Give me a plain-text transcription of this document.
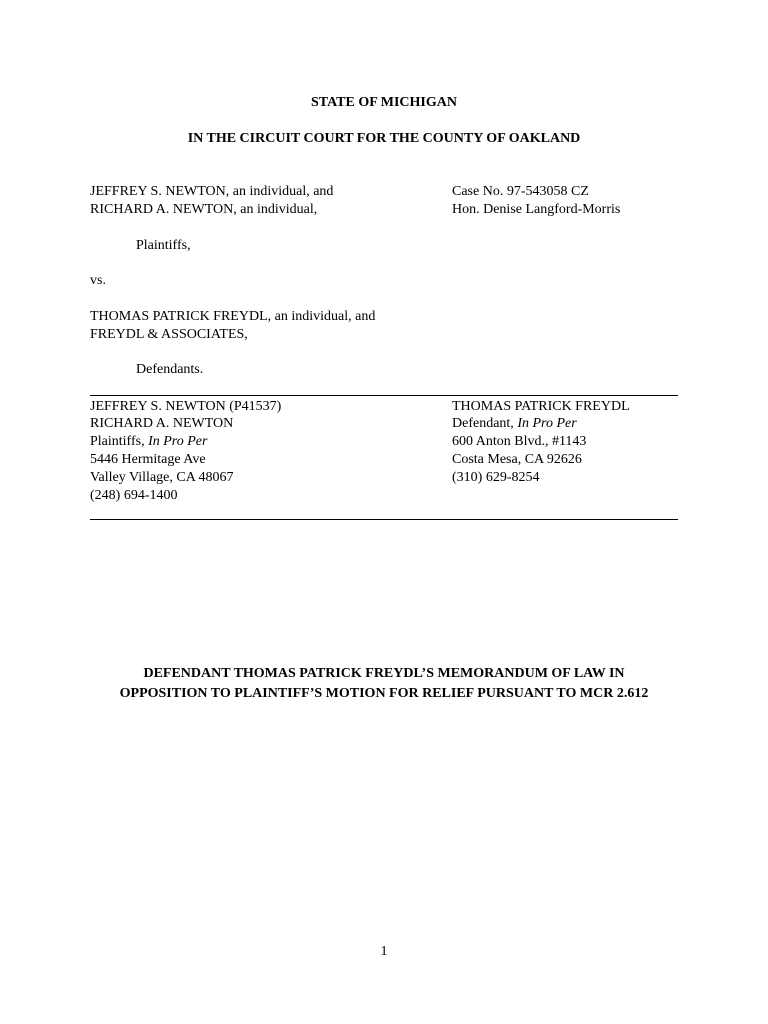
STATE OF MICHIGAN
IN THE CIRCUIT COURT FOR THE COUNTY OF OAKLAND
JEFFREY S. NEWTON, an individual, and
RICHARD A. NEWTON, an individual,
Case No. 97-543058 CZ
Hon. Denise Langford-Morris
Plaintiffs,
vs.
THOMAS PATRICK FREYDL, an individual, and
FREYDL & ASSOCIATES,
Defendants.
JEFFREY S. NEWTON (P41537)
RICHARD A. NEWTON
Plaintiffs, In Pro Per
5446 Hermitage Ave
Valley Village, CA 48067
(248) 694-1400
THOMAS PATRICK FREYDL
Defendant, In Pro Per
600 Anton Blvd., #1143
Costa Mesa, CA 92626
(310) 629-8254
DEFENDANT THOMAS PATRICK FREYDL’S MEMORANDUM OF LAW IN
OPPOSITION TO PLAINTIFF’S MOTION FOR RELIEF PURSUANT TO MCR 2.612
1
